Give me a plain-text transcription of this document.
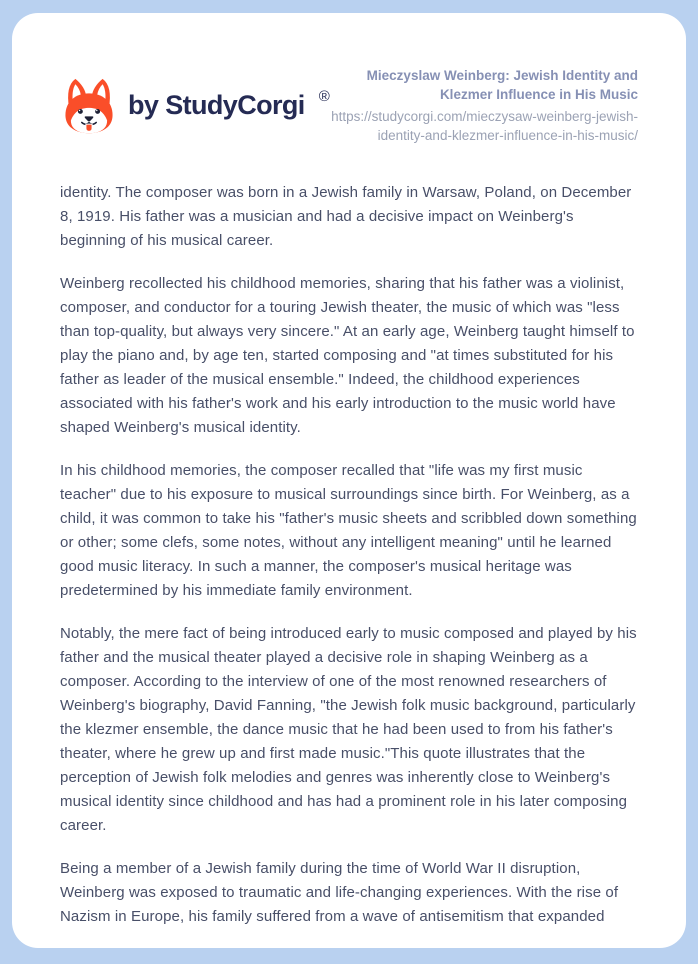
by StudyCorgi ®
Mieczyslaw Weinberg: Jewish Identity and Klezmer Influence in His Music
https://studycorgi.com/mieczysaw-weinberg-jewish-identity-and-klezmer-influence-in-his-music/

identity. The composer was born in a Jewish family in Warsaw, Poland, on December 8, 1919. His father was a musician and had a decisive impact on Weinberg's beginning of his musical career.

Weinberg recollected his childhood memories, sharing that his father was a violinist, composer, and conductor for a touring Jewish theater, the music of which was "less than top-quality, but always very sincere." At an early age, Weinberg taught himself to play the piano and, by age ten, started composing and "at times substituted for his father as leader of the musical ensemble." Indeed, the childhood experiences associated with his father's work and his early introduction to the music world have shaped Weinberg's musical identity.

In his childhood memories, the composer recalled that "life was my first music teacher" due to his exposure to musical surroundings since birth. For Weinberg, as a child, it was common to take his "father's music sheets and scribbled down something or other; some clefs, some notes, without any intelligent meaning" until he learned good music literacy. In such a manner, the composer's musical heritage was predetermined by his immediate family environment.

Notably, the mere fact of being introduced early to music composed and played by his father and the musical theater played a decisive role in shaping Weinberg as a composer. According to the interview of one of the most renowned researchers of Weinberg's biography, David Fanning, "the Jewish folk music background, particularly the klezmer ensemble, the dance music that he had been used to from his father's theater, where he grew up and first made music."This quote illustrates that the perception of Jewish folk melodies and genres was inherently close to Weinberg's musical identity since childhood and has had a prominent role in his later composing career.

Being a member of a Jewish family during the time of World War II disruption, Weinberg was exposed to traumatic and life-changing experiences. With the rise of Nazism in Europe, his family suffered from a wave of antisemitism that expanded
